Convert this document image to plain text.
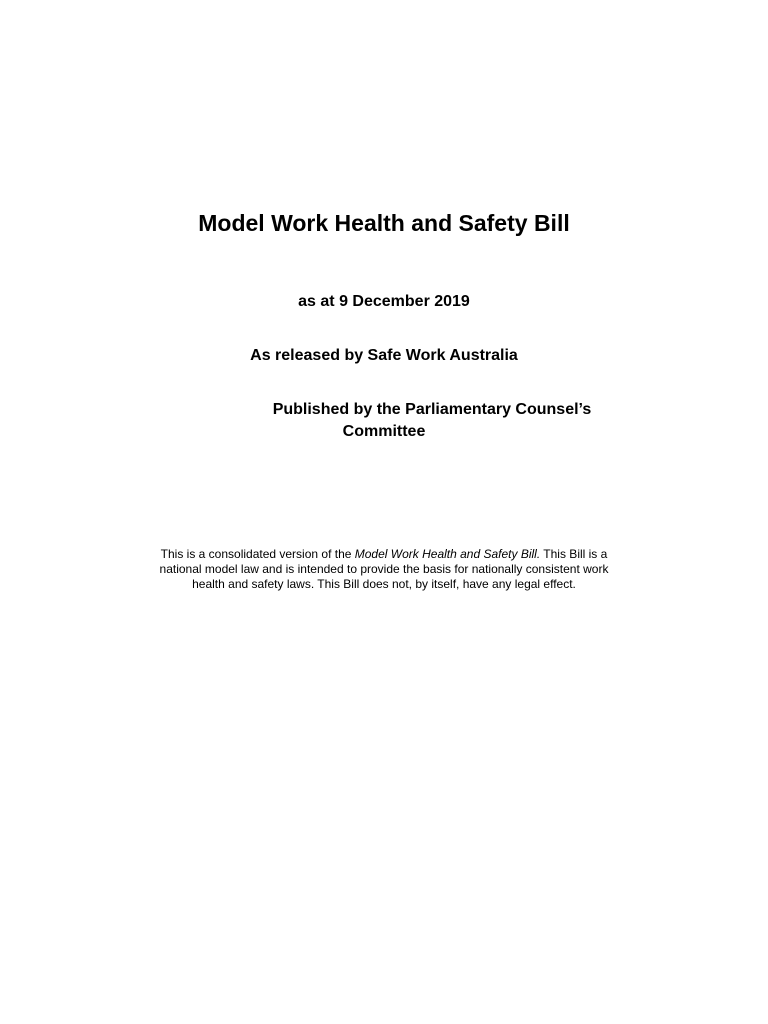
Model Work Health and Safety Bill
as at 9 December 2019
As released by Safe Work Australia
Published by the Parliamentary Counsel’s
Committee
This is a consolidated version of the Model Work Health and Safety Bill. This Bill is a national model law and is intended to provide the basis for nationally consistent work health and safety laws. This Bill does not, by itself, have any legal effect.
